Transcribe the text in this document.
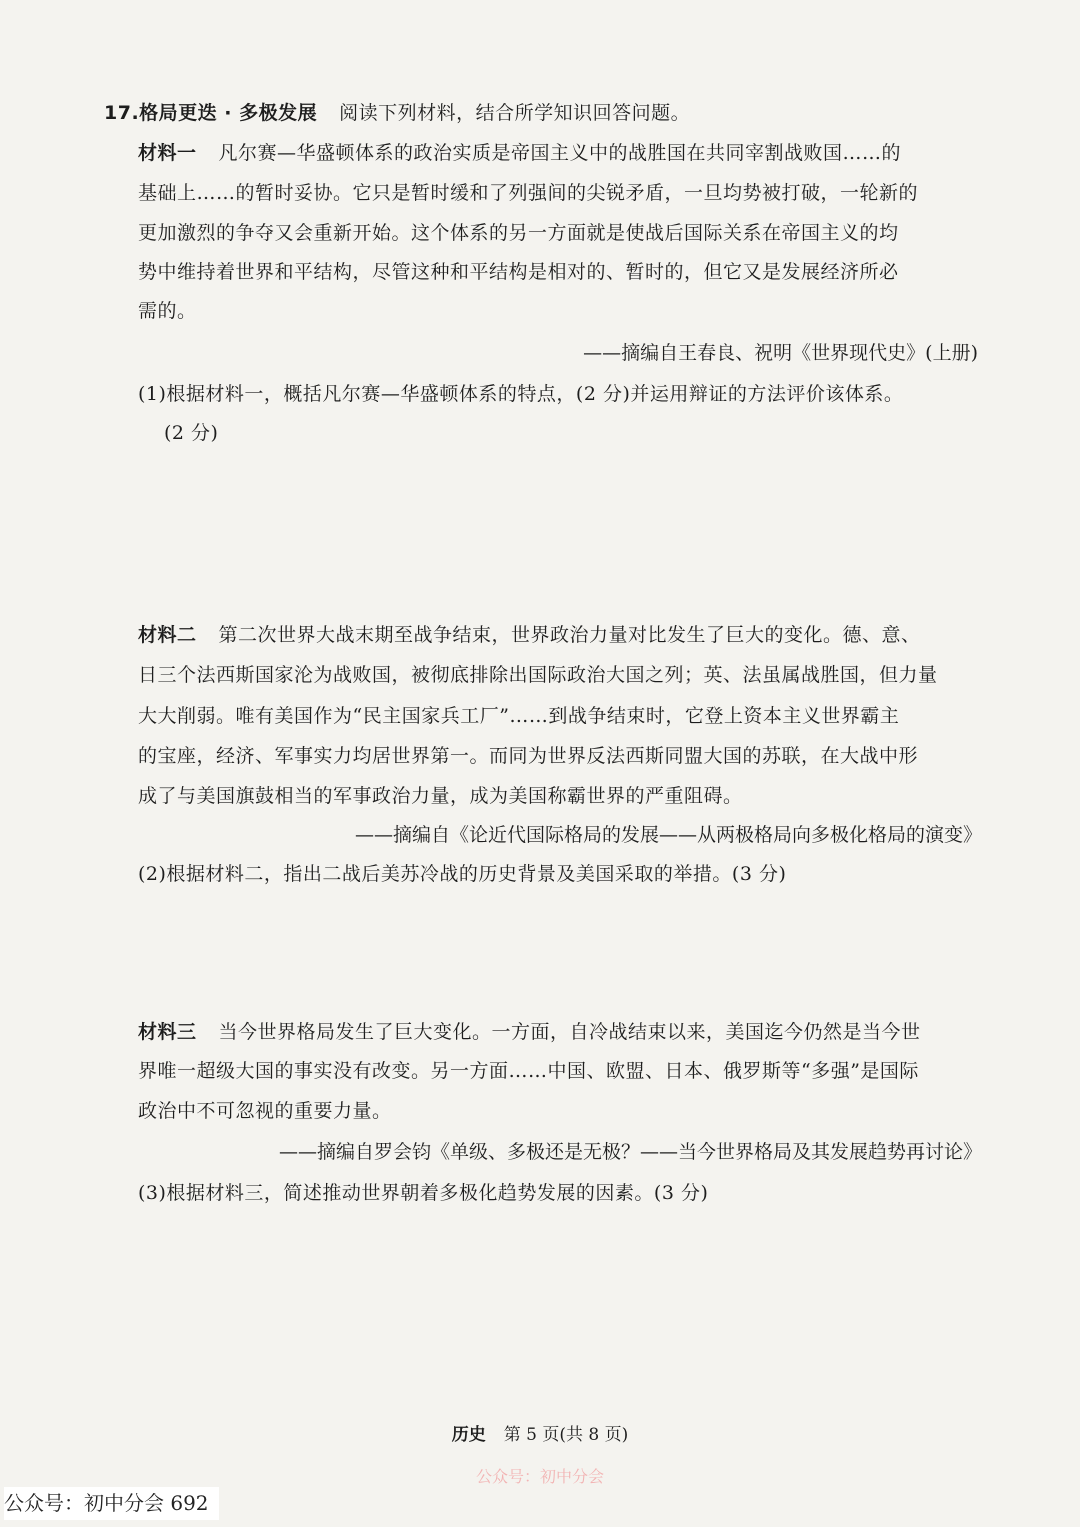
17.格局更迭 · 多极发展 阅读下列材料，结合所学知识回答问题。
材料一 凡尔赛—华盛顿体系的政治实质是帝国主义中的战胜国在共同宰割战败国……的
基础上……的暂时妥协。它只是暂时缓和了列强间的尖锐矛盾，一旦均势被打破，一轮新的
更加激烈的争夺又会重新开始。这个体系的另一方面就是使战后国际关系在帝国主义的均
势中维持着世界和平结构，尽管这种和平结构是相对的、暂时的，但它又是发展经济所必
需的。
——摘编自王春良、祝明《世界现代史》(上册)
(1)根据材料一，概括凡尔赛—华盛顿体系的特点，(2 分)并运用辩证的方法评价该体系。
(2 分)
材料二 第二次世界大战末期至战争结束，世界政治力量对比发生了巨大的变化。德、意、
日三个法西斯国家沦为战败国，被彻底排除出国际政治大国之列；英、法虽属战胜国，但力量
大大削弱。唯有美国作为“民主国家兵工厂”……到战争结束时，它登上资本主义世界霸主
的宝座，经济、军事实力均居世界第一。而同为世界反法西斯同盟大国的苏联，在大战中形
成了与美国旗鼓相当的军事政治力量，成为美国称霸世界的严重阻碍。
——摘编自《论近代国际格局的发展——从两极格局向多极化格局的演变》
(2)根据材料二，指出二战后美苏冷战的历史背景及美国采取的举措。(3 分)
材料三 当今世界格局发生了巨大变化。一方面，自冷战结束以来，美国迄今仍然是当今世
界唯一超级大国的事实没有改变。另一方面……中国、欧盟、日本、俄罗斯等“多强”是国际
政治中不可忽视的重要力量。
——摘编自罗会钧《单级、多极还是无极？——当今世界格局及其发展趋势再讨论》
(3)根据材料三，简述推动世界朝着多极化趋势发展的因素。(3 分)
历史 第 5 页(共 8 页)
公众号：初中分会
公众号：初中分会 692
